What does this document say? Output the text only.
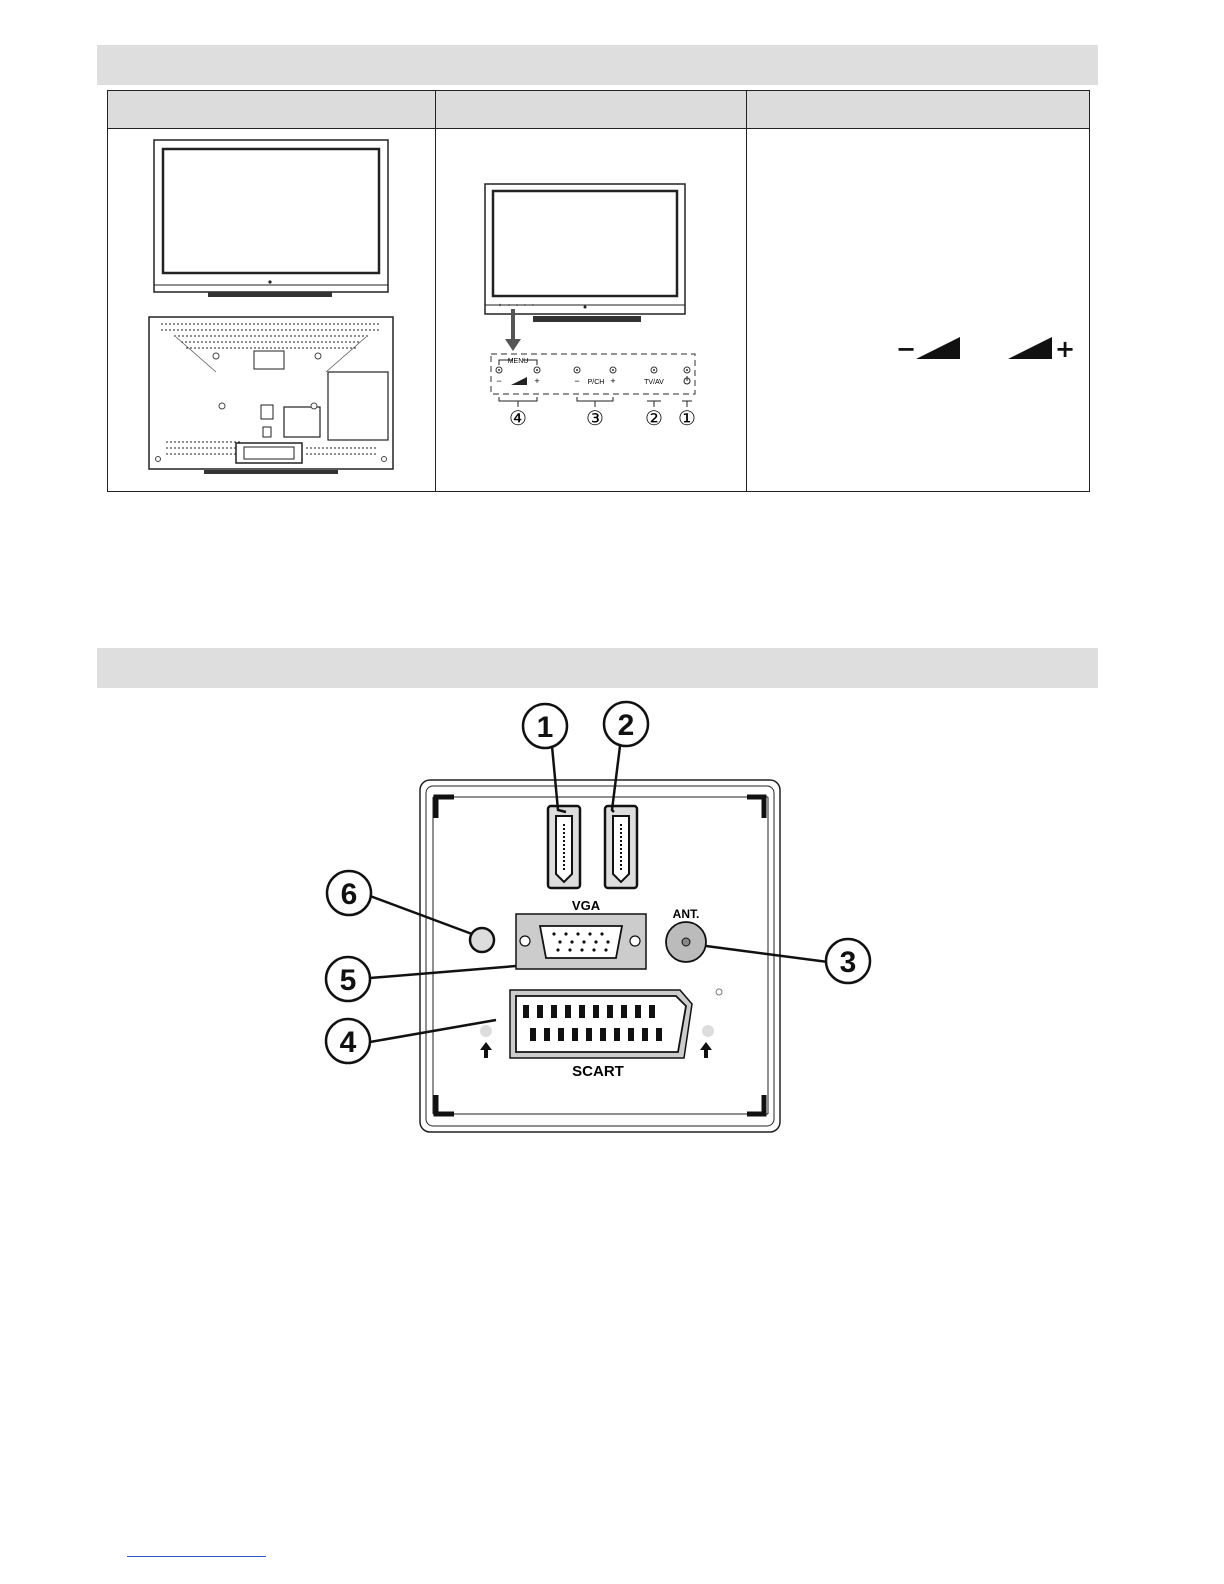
MENU
−	+	− P/CH +	TV/AV
④	③ ② ①
−	+
VGA
ANT.
SCART
1 2
3
4
5
6
